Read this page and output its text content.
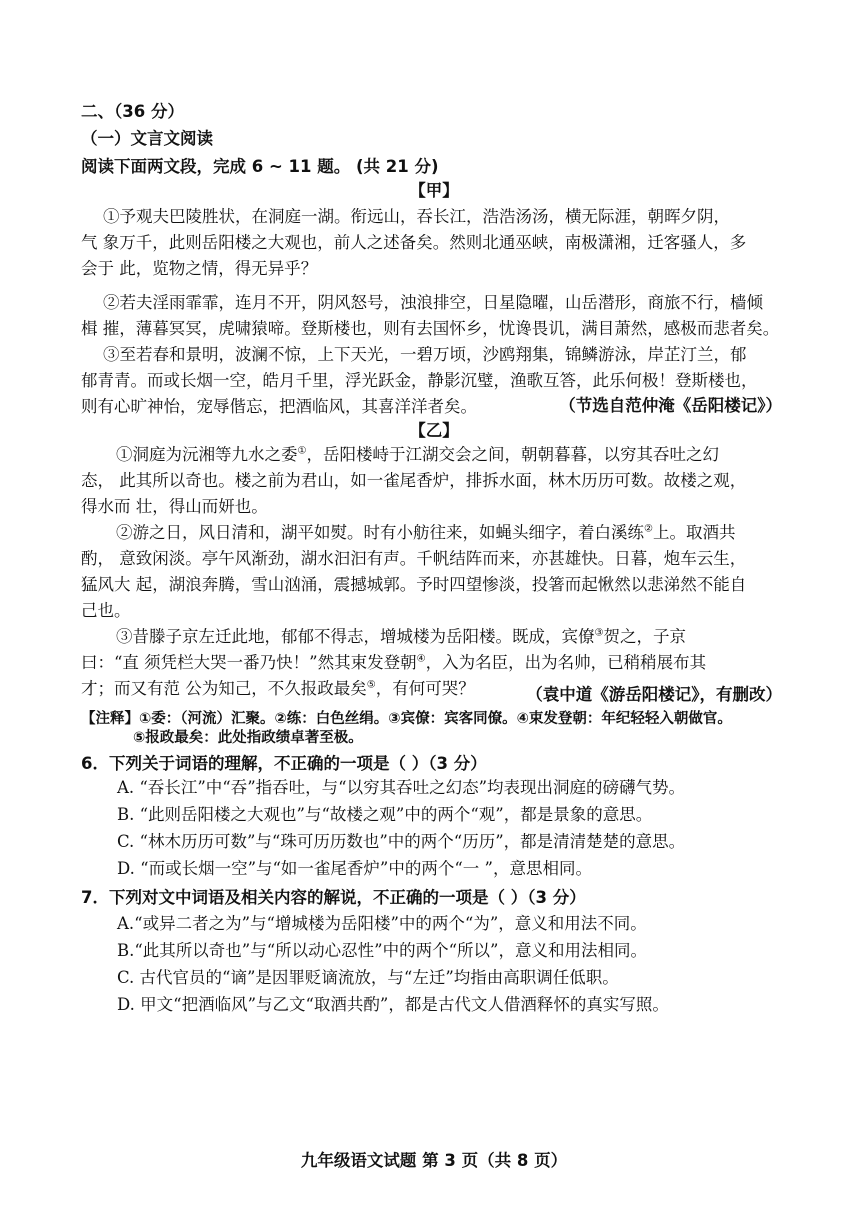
二、（36 分）
（一）文言文阅读
阅读下面两文段，完成 6 ~ 11 题。 (共 21 分)
【甲】
①予观夫巴陵胜状，在洞庭一湖。衔远山，吞长江，浩浩汤汤，横无际涯，朝晖夕阴，
气 象万千，此则岳阳楼之大观也，前人之述备矣。然则北通巫峡，南极潇湘，迁客骚人，多
会于 此，览物之情，得无异乎？
②若夫淫雨霏霏，连月不开，阴风怒号，浊浪排空，日星隐曜，山岳潜形，商旅不行，樯倾
楫 摧，薄暮冥冥，虎啸猿啼。登斯楼也，则有去国怀乡，忧谗畏讥，满目萧然，感极而悲者矣。
③至若春和景明，波澜不惊，上下天光，一碧万顷，沙鸥翔集，锦鳞游泳，岸芷汀兰，郁
郁青青。而或长烟一空，皓月千里，浮光跃金，静影沉璧，渔歌互答，此乐何极！登斯楼也，
则有心旷神怡，宠辱偕忘，把酒临风，其喜洋洋者矣。	（节选自范仲淹《岳阳楼记》）
【乙】
①洞庭为沅湘等九水之委①，岳阳楼峙于江湖交会之间，朝朝暮暮，以穷其吞吐之幻
态， 此其所以奇也。楼之前为君山，如一雀尾香炉，排拆水面，林木历历可数。故楼之观，
得水而 壮，得山而妍也。
②游之日，风日清和，湖平如熨。时有小舫往来，如蝇头细字，着白溪练②上。取酒共
酌， 意致闲淡。亭午风渐劲，湖水汩汩有声。千帆结阵而来，亦甚雄快。日暮，炮车云生，
猛风大 起，湖浪奔腾，雪山汹涌，震撼城郭。予时四望惨淡，投箸而起愀然以悲涕然不能自
己也。
③昔滕子京左迁此地，郁郁不得志，增城楼为岳阳楼。既成，宾僚③贺之，子京
曰：“直 须凭栏大哭一番乃快！”然其束发登朝④，入为名臣，出为名帅，已稍稍展布其
才；而又有范 公为知己，不久报政最矣⑤，有何可哭？	（袁中道《游岳阳楼记》，有删改）
【注释】①委：（河流）汇聚。②练：白色丝绢。③宾僚：宾客同僚。④束发登朝：年纪轻轻入朝做官。
⑤报政最矣：此处指政绩卓著至极。
6．下列关于词语的理解，不正确的一项是（ ）（3 分）
A. “吞长江”中“吞”指吞吐，与“以穷其吞吐之幻态”均表现出洞庭的磅礴气势。
B. “此则岳阳楼之大观也”与“故楼之观”中的两个“观”，都是景象的意思。
C. “林木历历可数”与“珠可历历数也”中的两个“历历”，都是清清楚楚的意思。
D. “而或长烟一空”与“如一雀尾香炉”中的两个“一 ”，意思相同。
7．下列对文中词语及相关内容的解说，不正确的一项是（ ）（3 分）
A.“或异二者之为”与“增城楼为岳阳楼”中的两个“为”，意义和用法不同。
B.“此其所以奇也”与“所以动心忍性”中的两个“所以”，意义和用法相同。
C. 古代官员的“谪”是因罪贬谪流放，与“左迁”均指由高职调任低职。
D. 甲文“把酒临风”与乙文“取酒共酌”，都是古代文人借酒释怀的真实写照。
九年级语文试题 第 3 页（共 8 页）
